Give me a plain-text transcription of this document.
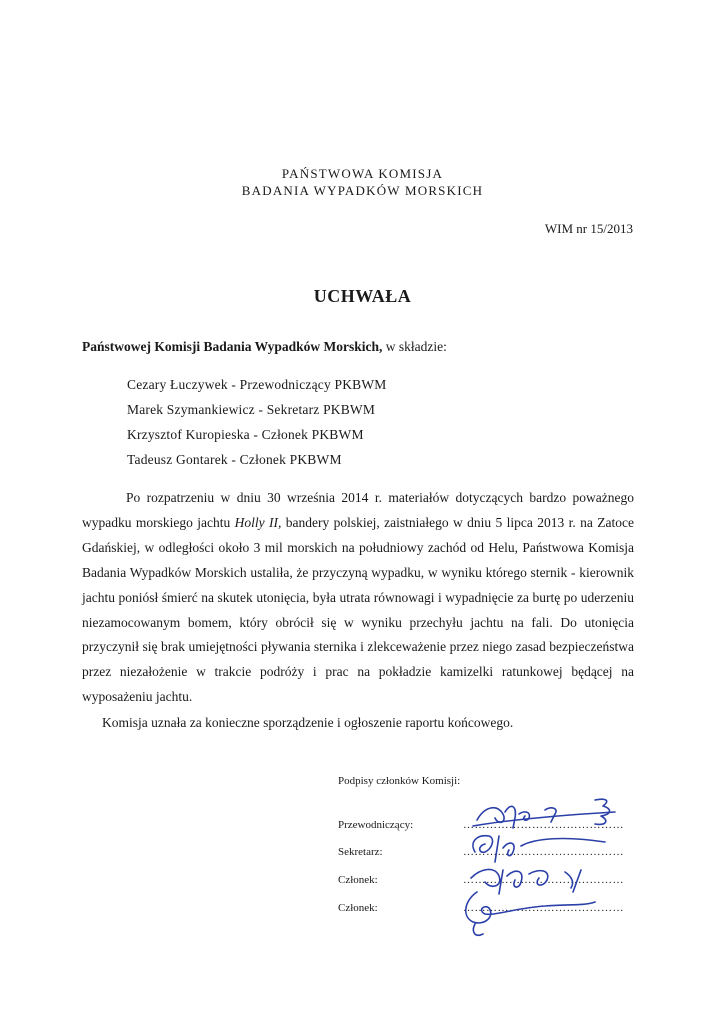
PAŃSTWOWA KOMISJA
BADANIA WYPADKÓW MORSKICH
WIM nr 15/2013
UCHWAŁA
Państwowej Komisji Badania Wypadków Morskich, w składzie:
Cezary Łuczywek - Przewodniczący PKBWM
Marek Szymankiewicz - Sekretarz PKBWM
Krzysztof Kuropieska - Członek PKBWM
Tadeusz Gontarek - Członek PKBWM

Po rozpatrzeniu w dniu 30 września 2014 r. materiałów dotyczących bardzo poważnego wypadku morskiego jachtu Holly II, bandery polskiej, zaistniałego w dniu 5 lipca 2013 r. na Zatoce Gdańskiej, w odległości około 3 mil morskich na południowy zachód od Helu, Państwowa Komisja Badania Wypadków Morskich ustaliła, że przyczyną wypadku, w wyniku którego sternik - kierownik jachtu poniósł śmierć na skutek utonięcia, była utrata równowagi i wypadnięcie za burtę po uderzeniu niezamocowanym bomem, który obrócił się w wyniku przechyłu jachtu na fali. Do utonięcia przyczynił się brak umiejętności pływania sternika i zlekceważenie przez niego zasad bezpieczeństwa przez niezałożenie w trakcie podróży i prac na pokładzie kamizelki ratunkowej będącej na wyposażeniu jachtu.

Komisja uznała za konieczne sporządzenie i ogłoszenie raportu końcowego.
Podpisy członków Komisji:
Przewodniczący:	……………………………………
Sekretarz:	……………………………………
Członek:	……………………………………
Członek:	……………………………………
